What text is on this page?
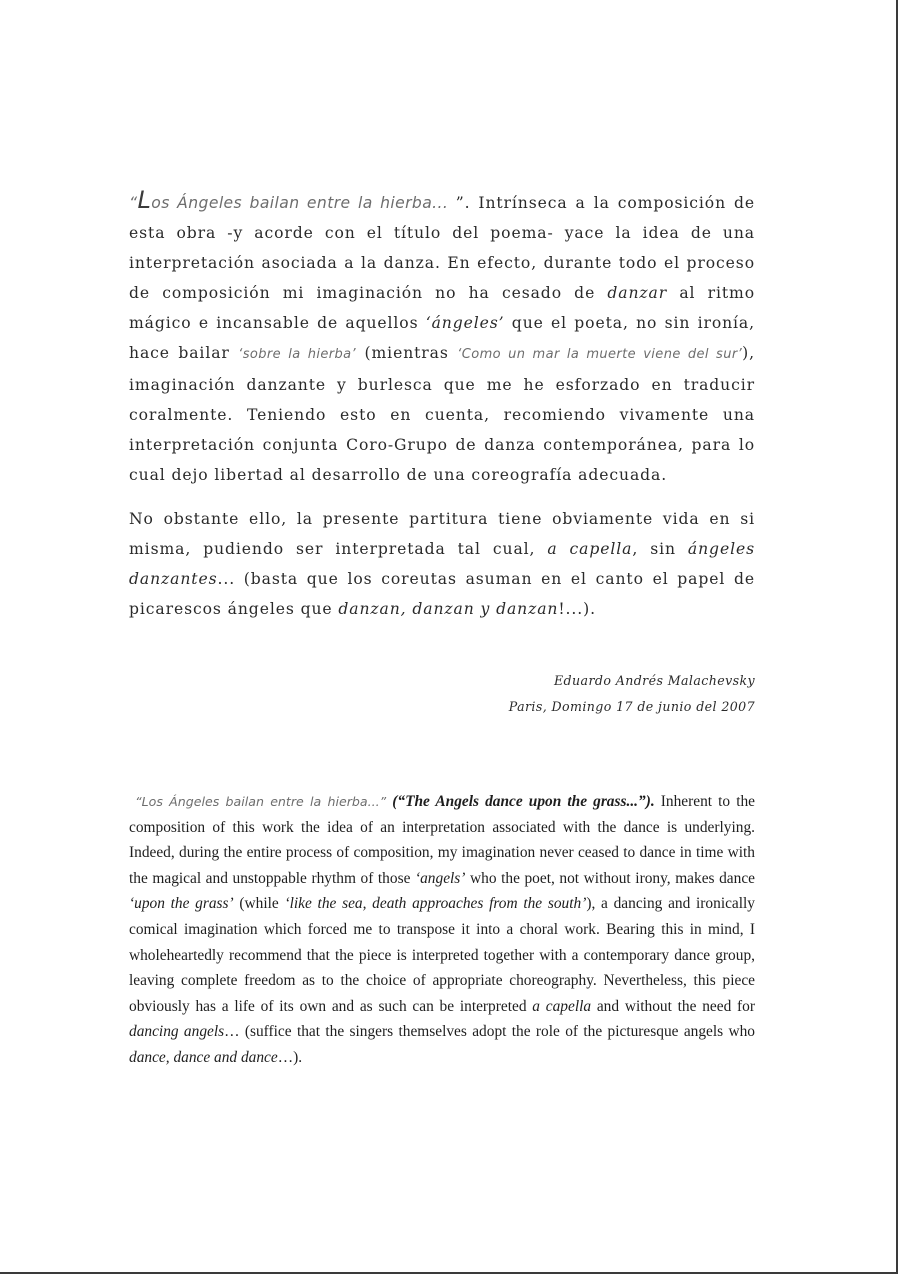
“Los Ángeles bailan entre la hierba... ”. Intrínseca a la composición de esta obra -y acorde con el título del poema- yace la idea de una interpretación asociada a la danza. En efecto, durante todo el proceso de composición mi imaginación no ha cesado de danzar al ritmo mágico e incansable de aquellos ‘ángeles’ que el poeta, no sin ironía, hace bailar ‘sobre la hierba’ (mientras ‘Como un mar la muerte viene del sur’), imaginación danzante y burlesca que me he esforzado en traducir coralmente. Teniendo esto en cuenta, recomiendo vivamente una interpretación conjunta Coro-Grupo de danza contemporánea, para lo cual dejo libertad al desarrollo de una coreografía adecuada.

No obstante ello, la presente partitura tiene obviamente vida en si misma, pudiendo ser interpretada tal cual, a capella, sin ángeles danzantes... (basta que los coreutas asuman en el canto el papel de picarescos ángeles que danzan, danzan y danzan!...).

Eduardo Andrés Malachevsky
Paris, Domingo 17 de junio del 2007

“Los Ángeles bailan entre la hierba...” (“The Angels dance upon the grass...”). Inherent to the composition of this work the idea of an interpretation associated with the dance is underlying. Indeed, during the entire process of composition, my imagination never ceased to dance in time with the magical and unstoppable rhythm of those ‘angels’ who the poet, not without irony, makes dance ‘upon the grass’ (while ‘like the sea, death approaches from the south’), a dancing and ironically comical imagination which forced me to transpose it into a choral work. Bearing this in mind, I wholeheartedly recommend that the piece is interpreted together with a contemporary dance group, leaving complete freedom as to the choice of appropriate choreography. Nevertheless, this piece obviously has a life of its own and as such can be interpreted a capella and without the need for dancing angels… (suffice that the singers themselves adopt the role of the picturesque angels who dance, dance and dance…).
